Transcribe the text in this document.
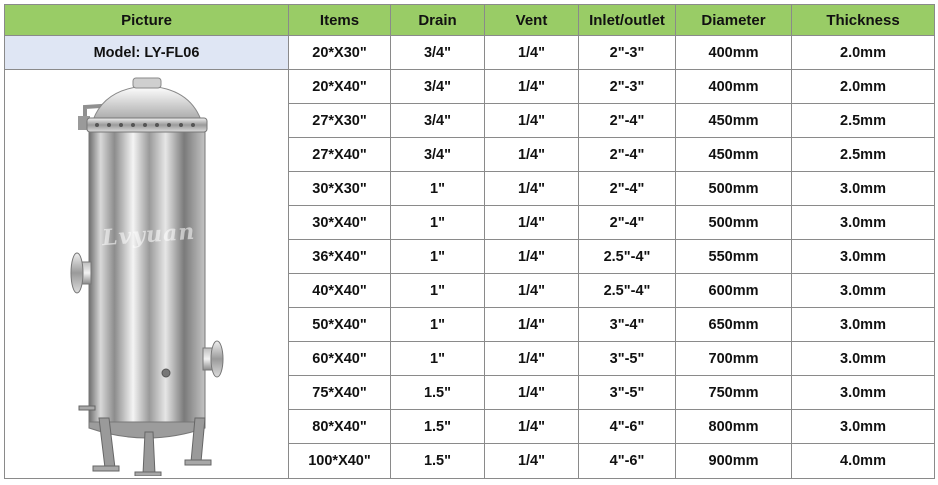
Picture	Items	Drain	Vent	Inlet/outlet	Diameter	Thickness
Model: LY-FL06	20*X30"	3/4"	1/4"	2"-3"	400mm	2.0mm

Lvyuan	20*X40"	3/4"	1/4"	2"-3"	400mm	2.0mm
	27*X30"	3/4"	1/4"	2"-4"	450mm	2.5mm
	27*X40"	3/4"	1/4"	2"-4"	450mm	2.5mm
	30*X30"	1"	1/4"	2"-4"	500mm	3.0mm
	30*X40"	1"	1/4"	2"-4"	500mm	3.0mm
	36*X40"	1"	1/4"	2.5"-4"	550mm	3.0mm
	40*X40"	1"	1/4"	2.5"-4"	600mm	3.0mm
	50*X40"	1"	1/4"	3"-4"	650mm	3.0mm
	60*X40"	1"	1/4"	3"-5"	700mm	3.0mm
	75*X40"	1.5"	1/4"	3"-5"	750mm	3.0mm
	80*X40"	1.5"	1/4"	4"-6"	800mm	3.0mm
	100*X40"	1.5"	1/4"	4"-6"	900mm	4.0mm
